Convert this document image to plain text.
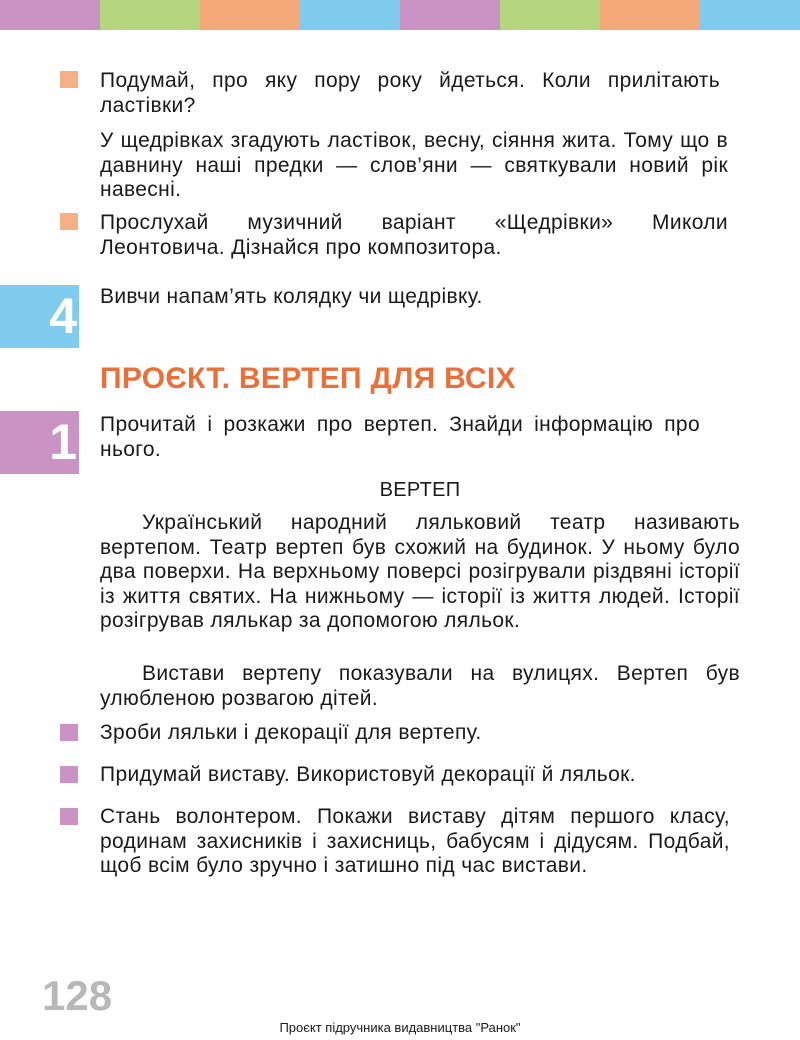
Подумай, про яку пору року йдеться. Коли прилітають ластівки?

У щедрівках згадують ластівок, весну, сіяння жита. Тому що в давнину наші предки — слов’яни — святкували новий рік навесні.

Прослухай музичний варіант «Щедрівки» Миколи Леонтовича. Дізнайся про композитора.

4 Вивчи напам’ять колядку чи щедрівку.

ПРОЄКТ. ВЕРТЕП ДЛЯ ВСІХ
1 Прочитай і розкажи про вертеп. Знайди інформацію про нього.

ВЕРТЕП

Український народний ляльковий театр називають вертепом. Театр вертеп був схожий на будинок. У ньому було два поверхи. На верхньому поверсі розігрували різдвяні історії із життя святих. На нижньому — історії із життя людей. Історії розігрував лялькар за допомогою ляльок.

Вистави вертепу показували на вулицях. Вертеп був улюбленою розвагою дітей.

Зроби ляльки і декорації для вертепу.

Придумай виставу. Використовуй декорації й ляльок.

Стань волонтером. Покажи виставу дітям першого класу, родинам захисників і захисниць, бабусям і дідусям. Подбай, щоб всім було зручно і затишно під час вистави.

128

Проєкт підручника видавництва "Ранок"
